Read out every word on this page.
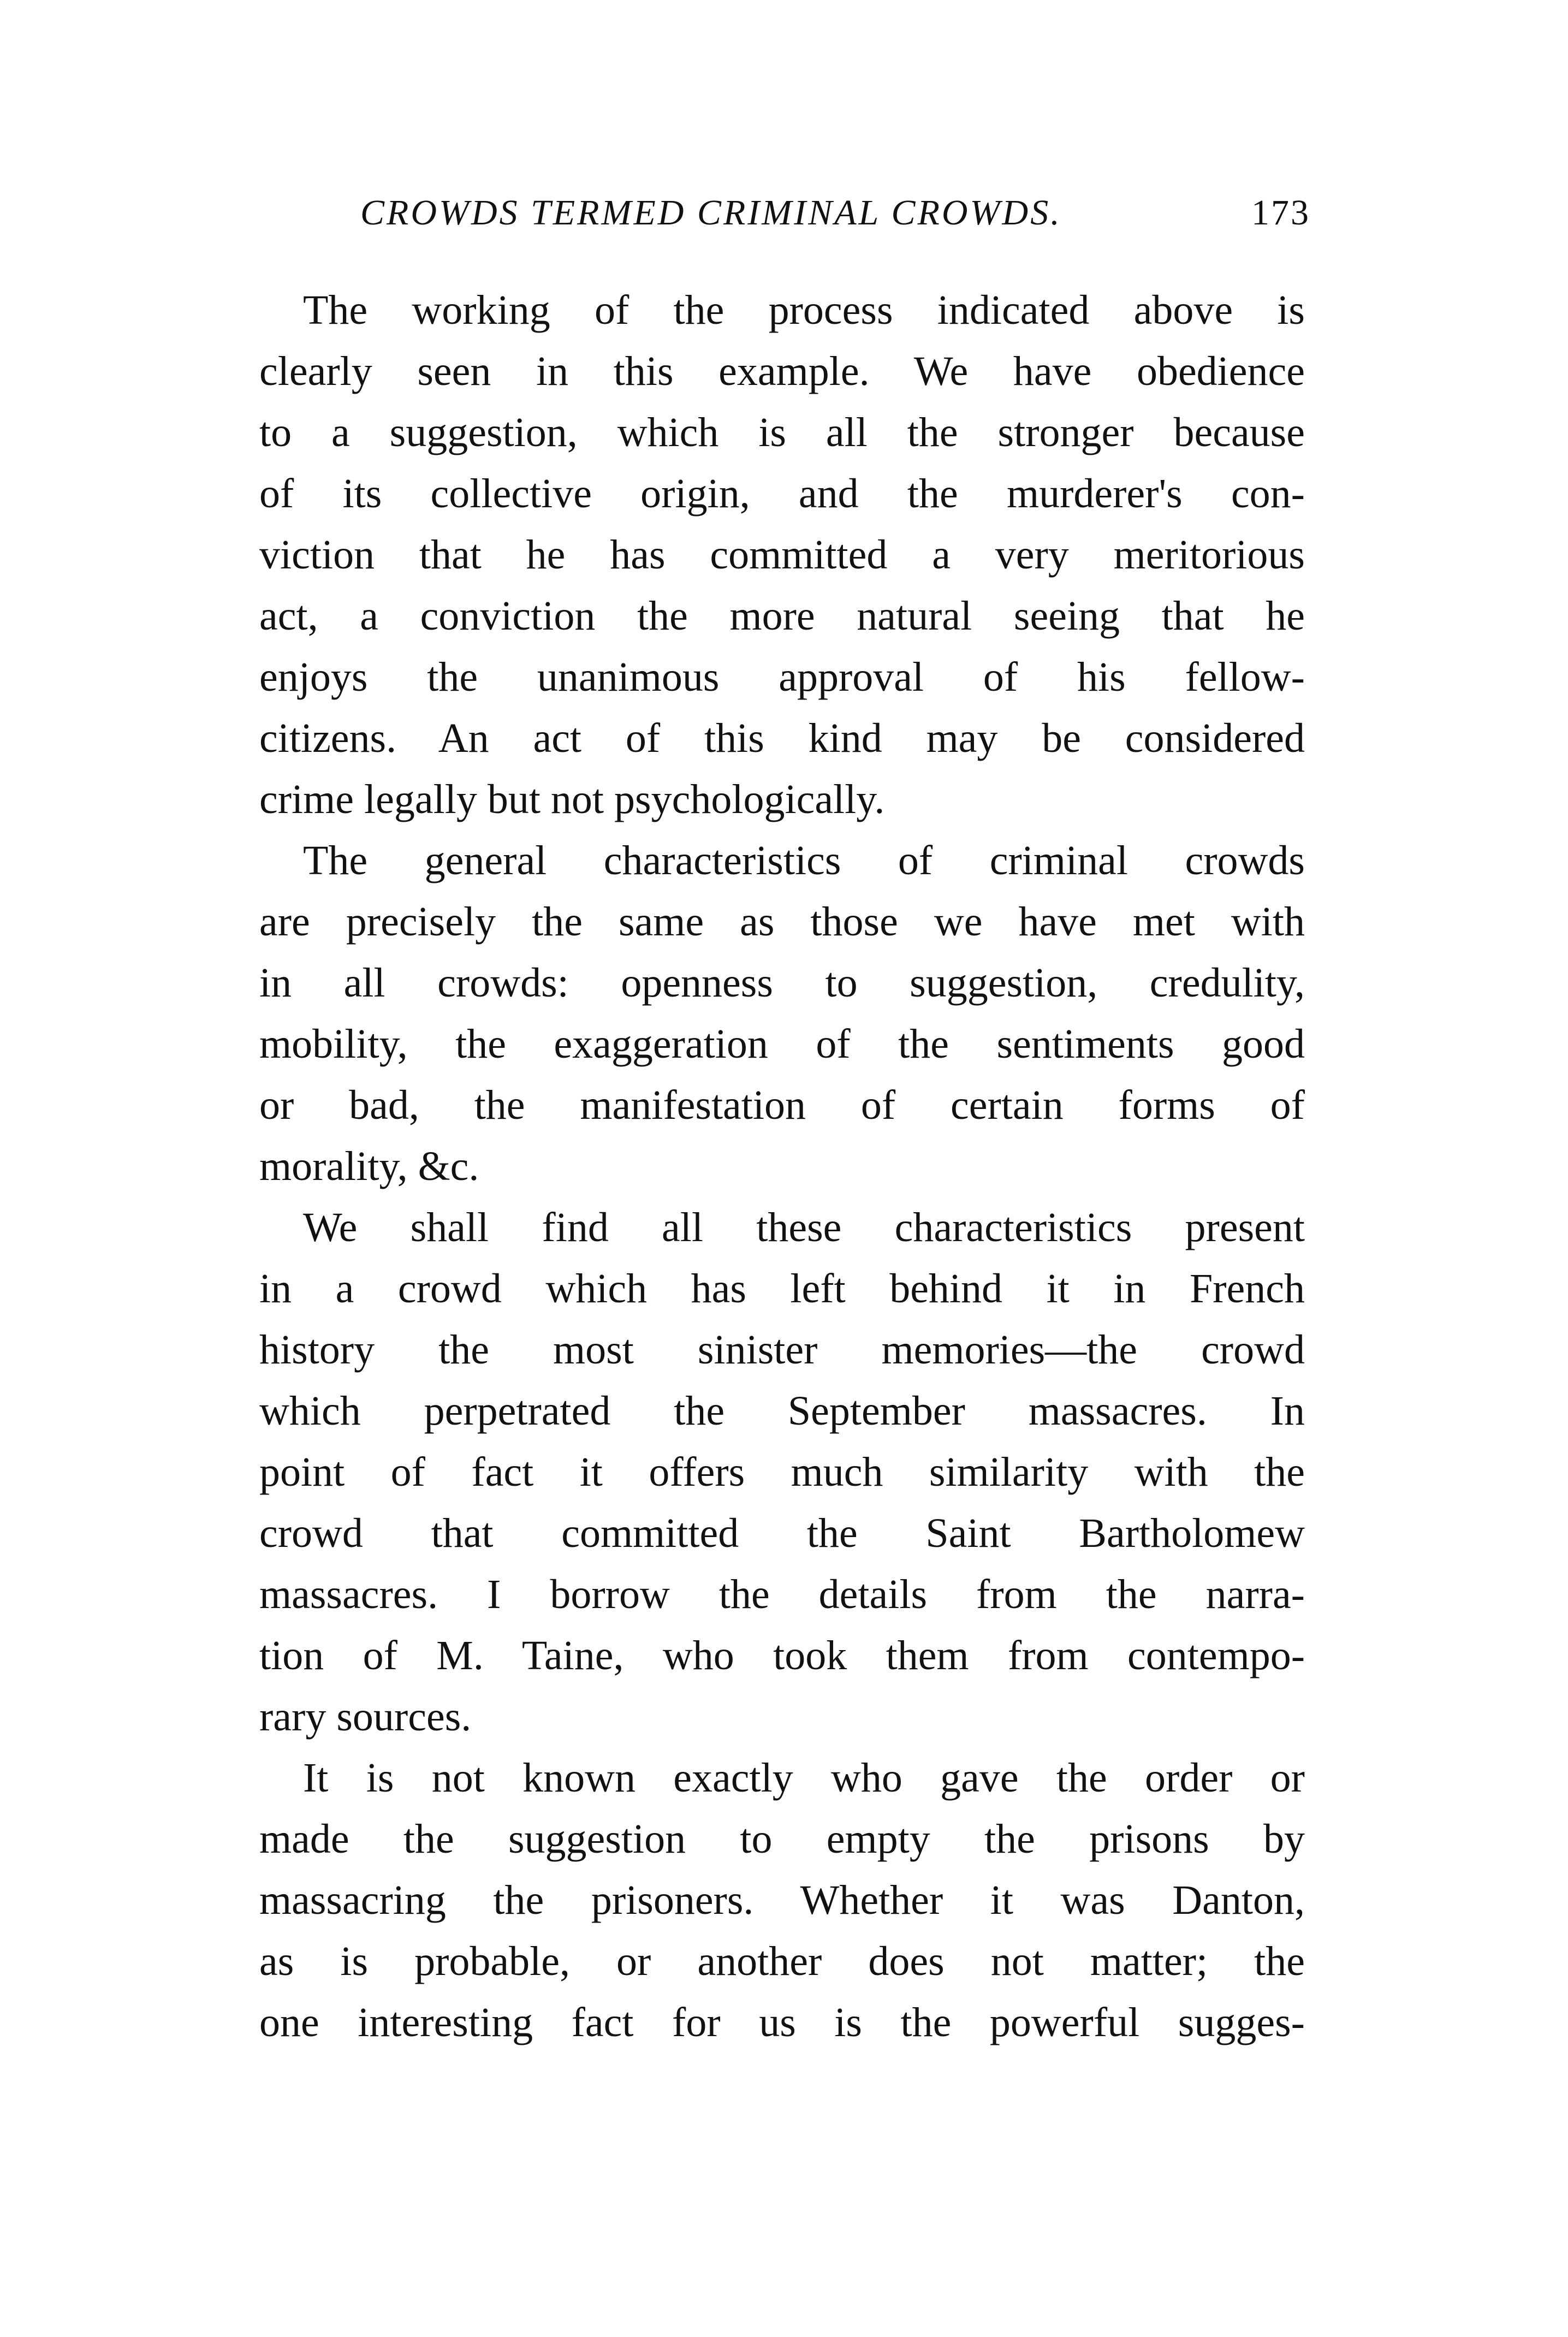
CROWDS TERMED CRIMINAL CROWDS.	173
The working of the process indicated above is
clearly seen in this example. We have obedience
to a suggestion, which is all the stronger because
of its collective origin, and the murderer's con-
viction that he has committed a very meritorious
act, a conviction the more natural seeing that he
enjoys the unanimous approval of his fellow-
citizens. An act of this kind may be considered
crime legally but not psychologically.
The general characteristics of criminal crowds
are precisely the same as those we have met with
in all crowds: openness to suggestion, credulity,
mobility, the exaggeration of the sentiments good
or bad, the manifestation of certain forms of
morality, &c.
We shall find all these characteristics present
in a crowd which has left behind it in French
history the most sinister memories—the crowd
which perpetrated the September massacres. In
point of fact it offers much similarity with the
crowd that committed the Saint Bartholomew
massacres. I borrow the details from the narra-
tion of M. Taine, who took them from contempo-
rary sources.
It is not known exactly who gave the order or
made the suggestion to empty the prisons by
massacring the prisoners. Whether it was Danton,
as is probable, or another does not matter; the
one interesting fact for us is the powerful sugges-
